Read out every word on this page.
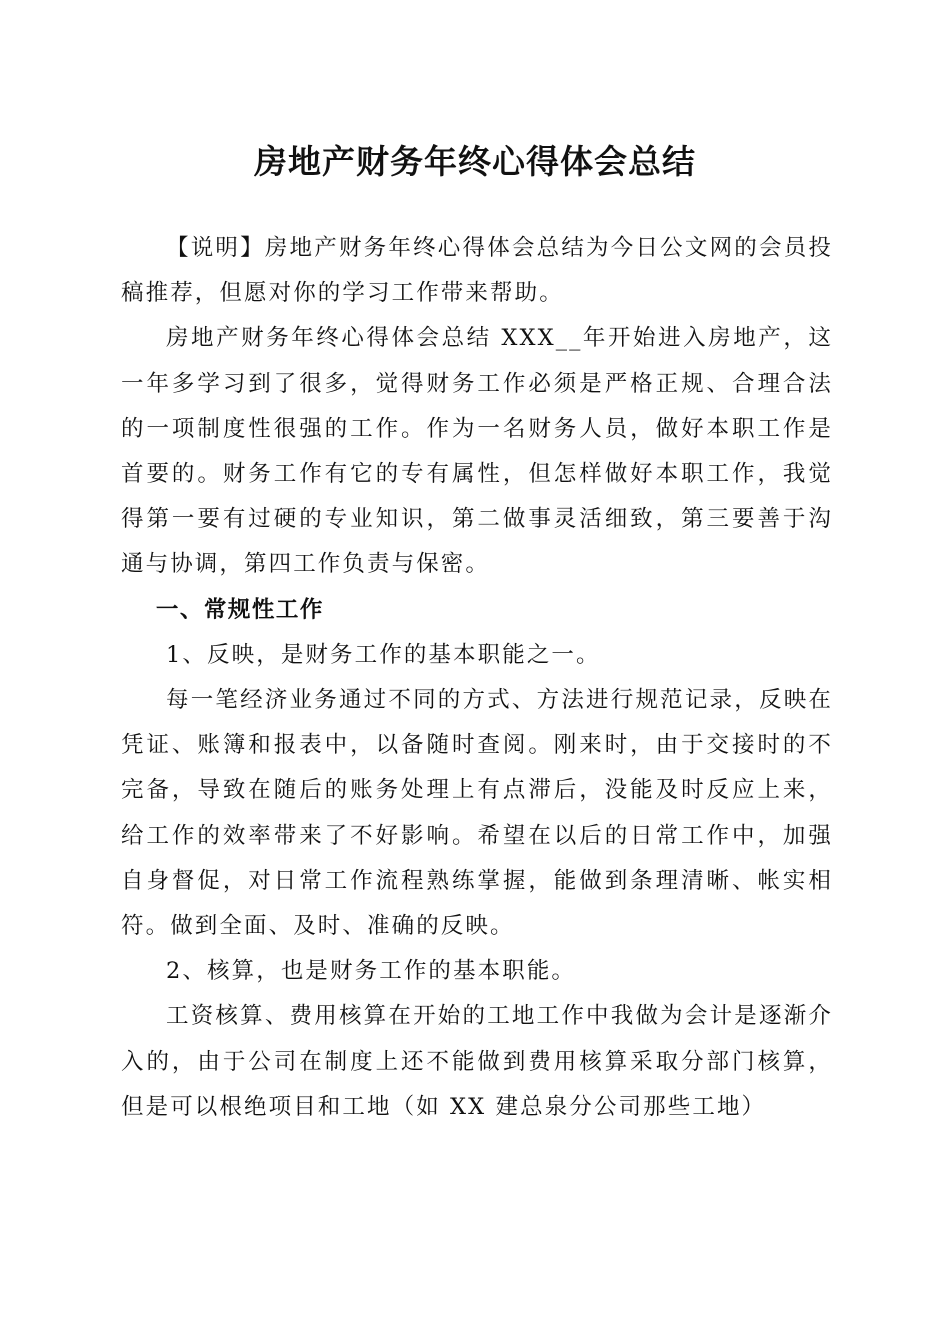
房地产财务年终心得体会总结

【说明】房地产财务年终心得体会总结为今日公文网的会员投稿推荐，但愿对你的学习工作带来帮助。

房地产财务年终心得体会总结 XXX__年开始进入房地产，这一年多学习到了很多，觉得财务工作必须是严格正规、合理合法的一项制度性很强的工作。作为一名财务人员，做好本职工作是首要的。财务工作有它的专有属性，但怎样做好本职工作，我觉得第一要有过硬的专业知识，第二做事灵活细致，第三要善于沟通与协调，第四工作负责与保密。

一、常规性工作

1、反映，是财务工作的基本职能之一。

每一笔经济业务通过不同的方式、方法进行规范记录，反映在凭证、账簿和报表中，以备随时查阅。刚来时，由于交接时的不完备，导致在随后的账务处理上有点滞后，没能及时反应上来，给工作的效率带来了不好影响。希望在以后的日常工作中，加强自身督促，对日常工作流程熟练掌握，能做到条理清晰、帐实相符。做到全面、及时、准确的反映。

2、核算，也是财务工作的基本职能。

工资核算、费用核算在开始的工地工作中我做为会计是逐渐介入的，由于公司在制度上还不能做到费用核算采取分部门核算，但是可以根绝项目和工地（如 XX 建总泉分公司那些工地）
